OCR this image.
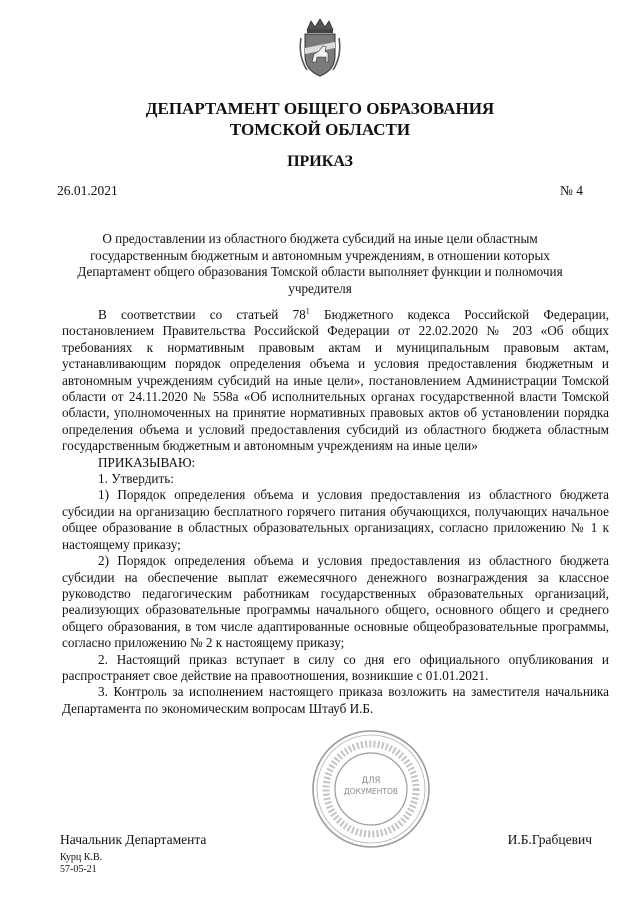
ДЕПАРТАМЕНТ ОБЩЕГО ОБРАЗОВАНИЯ
ТОМСКОЙ ОБЛАСТИ
ПРИКАЗ
26.01.2021	№ 4
О предоставлении из областного бюджета субсидий на иные цели областным государственным бюджетным и автономным учреждениям, в отношении которых Департамент общего образования Томской области выполняет функции и полномочия учредителя

В соответствии со статьей $78^1$ Бюджетного кодекса Российской Федерации, постановлением Правительства Российской Федерации от 22.02.2020 № 203 «Об общих требованиях к нормативным правовым актам и муниципальным правовым актам, устанавливающим порядок определения объема и условия предоставления бюджетным и автономным учреждениям субсидий на иные цели», постановлением Администрации Томской области от 24.11.2020 № 558а «Об исполнительных органах государственной власти Томской области, уполномоченных на принятие нормативных правовых актов об установлении порядка определения объема и условий предоставления субсидий из областного бюджета областным государственным бюджетным и автономным учреждениям на иные цели»

ПРИКАЗЫВАЮ:

1. Утвердить:

1) Порядок определения объема и условия предоставления из областного бюджета субсидии на организацию бесплатного горячего питания обучающихся, получающих начальное общее образование в областных образовательных организациях, согласно приложению № 1 к настоящему приказу;

2) Порядок определения объема и условия предоставления из областного бюджета субсидии на обеспечение выплат ежемесячного денежного вознаграждения за классное руководство педагогическим работникам государственных образовательных организаций, реализующих образовательные программы начального общего, основного общего и среднего общего образования, в том числе адаптированные основные общеобразовательные программы, согласно приложению № 2 к настоящему приказу;

2. Настоящий приказ вступает в силу со дня его официального опубликования и распространяет свое действие на правоотношения, возникшие с 01.01.2021.

3. Контроль за исполнением настоящего приказа возложить на заместителя начальника Департамента по экономическим вопросам Штауб И.Б.

ДЛЯ
ДОКУМЕНТОВ
Начальник Департамента	И.Б.Грабцевич
Курц К.В.
57-05-21
